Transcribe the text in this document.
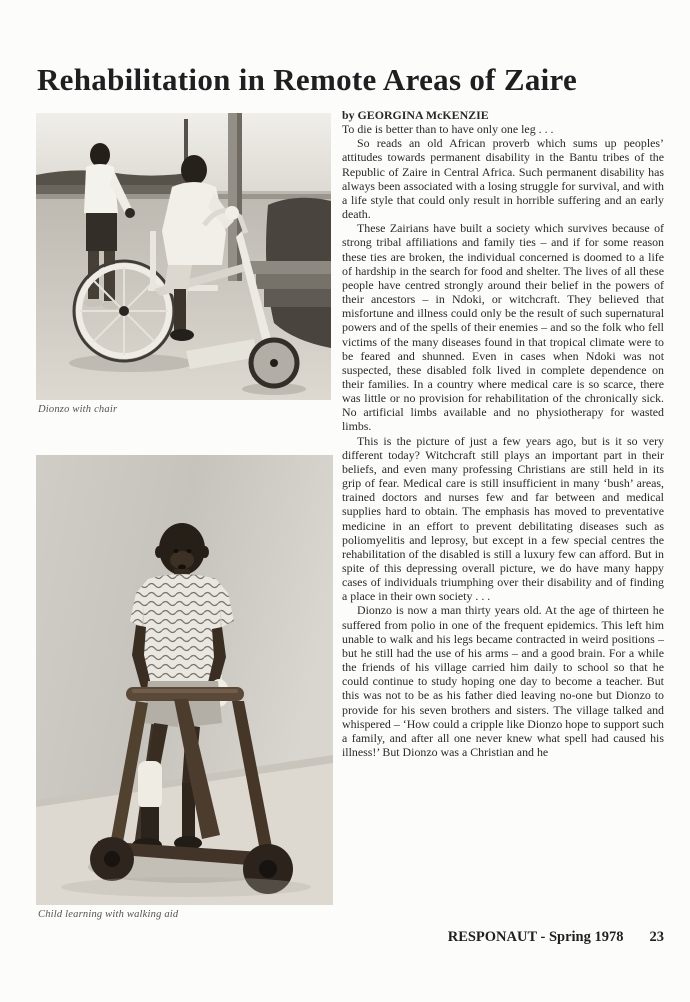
Rehabilitation in Remote Areas of Zaire
Dionzo with chair
Child learning with walking aid

by GEORGINA McKENZIE

To die is better than to have only one leg . . .

So reads an old African proverb which sums up peoples’ attitudes towards permanent disability in the Bantu tribes of the Republic of Zaire in Central Africa. Such permanent disability has always been associated with a losing struggle for survival, and with a life style that could only result in horrible suffering and an early death.

These Zairians have built a society which survives because of strong tribal affiliations and family ties – and if for some reason these ties are broken, the individual concerned is doomed to a life of hardship in the search for food and shelter. The lives of all these people have centred strongly around their belief in the powers of their ancestors – in Ndoki, or witchcraft. They believed that misfortune and illness could only be the result of such supernatural powers and of the spells of their enemies – and so the folk who fell victims of the many diseases found in that tropical climate were to be feared and shunned. Even in cases when Ndoki was not suspected, these disabled folk lived in complete dependence on their families. In a country where medical care is so scarce, there was little or no provision for rehabilitation of the chronically sick. No artificial limbs available and no physiotherapy for wasted limbs.

This is the picture of just a few years ago, but is it so very different today? Witchcraft still plays an important part in their beliefs, and even many professing Christians are still held in its grip of fear. Medical care is still insufficient in many ‘bush’ areas, trained doctors and nurses few and far between and medical supplies hard to obtain. The emphasis has moved to preventative medicine in an effort to prevent debilitating diseases such as poliomyelitis and leprosy, but except in a few special centres the rehabilitation of the disabled is still a luxury few can afford. But in spite of this depressing overall picture, we do have many happy cases of individuals triumphing over their disability and of finding a place in their own society . . .

Dionzo is now a man thirty years old. At the age of thirteen he suffered from polio in one of the frequent epidemics. This left him unable to walk and his legs became contracted in weird positions – but he still had the use of his arms – and a good brain. For a while the friends of his village carried him daily to school so that he could continue to study hoping one day to become a teacher. But this was not to be as his father died leaving no-one but Dionzo to provide for his seven brothers and sisters. The village talked and whispered – ‘How could a cripple like Dionzo hope to support such a family, and after all one never knew what spell had caused his illness!’ But Dionzo was a Christian and he

RESPONAUT - Spring 1978 23
